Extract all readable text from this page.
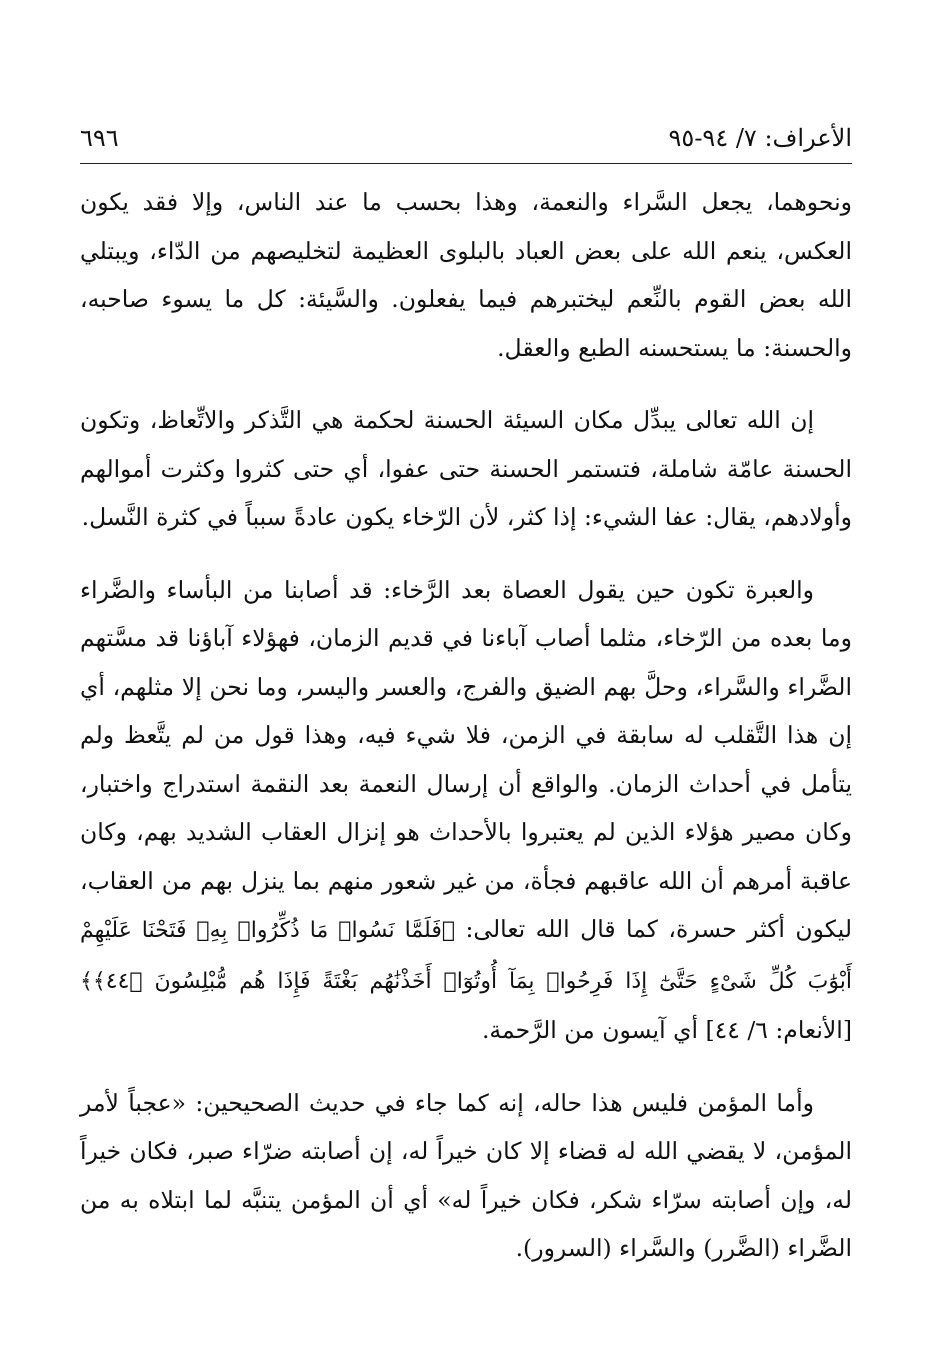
الأعراف: ٧/ ٩٤-٩٥
٦٩٦

ونحوهما، يجعل السَّراء والنعمة، وهذا بحسب ما عند الناس، وإلا فقد يكون العكس، ينعم الله على بعض العباد بالبلوى العظيمة لتخليصهم من الدّاء، ويبتلي الله بعض القوم بالنِّعم ليختبرهم فيما يفعلون. والسَّيئة: كل ما يسوء صاحبه، والحسنة: ما يستحسنه الطبع والعقل.

إن الله تعالى يبدِّل مكان السيئة الحسنة لحكمة هي التَّذكر والاتِّعاظ، وتكون الحسنة عامّة شاملة، فتستمر الحسنة حتى عفوا، أي حتى كثروا وكثرت أموالهم وأولادهم، يقال: عفا الشيء: إذا كثر، لأن الرّخاء يكون عادةً سبباً في كثرة النَّسل.

والعبرة تكون حين يقول العصاة بعد الرَّخاء: قد أصابنا من البأساء والضَّراء وما بعده من الرّخاء، مثلما أصاب آباءنا في قديم الزمان، فهؤلاء آباؤنا قد مسَّتهم الضَّراء والسَّراء، وحلَّ بهم الضيق والفرج، والعسر واليسر، وما نحن إلا مثلهم، أي إن هذا التَّقلب له سابقة في الزمن، فلا شيء فيه، وهذا قول من لم يتَّعظ ولم يتأمل في أحداث الزمان. والواقع أن إرسال النعمة بعد النقمة استدراج واختبار، وكان مصير هؤلاء الذين لم يعتبروا بالأحداث هو إنزال العقاب الشديد بهم، وكان عاقبة أمرهم أن الله عاقبهم فجأة، من غير شعور منهم بما ينزل بهم من العقاب، ليكون أكثر حسرة، كما قال الله تعالى: ﴿فَلَمَّا نَسُوا۟ مَا ذُكِّرُوا۟ بِهِۦ فَتَحْنَا عَلَيْهِمْ أَبْوَٰبَ كُلِّ شَىْءٍ حَتَّىٰٓ إِذَا فَرِحُوا۟ بِمَآ أُوتُوٓا۟ أَخَذْنَٰهُم بَغْتَةً فَإِذَا هُم مُّبْلِسُونَ ﴿٤٤﴾﴾ [الأنعام: ٦/ ٤٤] أي آيسون من الرَّحمة.

وأما المؤمن فليس هذا حاله، إنه كما جاء في حديث الصحيحين: «عجباً لأمر المؤمن، لا يقضي الله له قضاء إلا كان خيراً له، إن أصابته ضرّاء صبر، فكان خيراً له، وإن أصابته سرّاء شكر، فكان خيراً له» أي أن المؤمن يتنبَّه لما ابتلاه به من الضَّراء (الضَّرر) والسَّراء (السرور).
